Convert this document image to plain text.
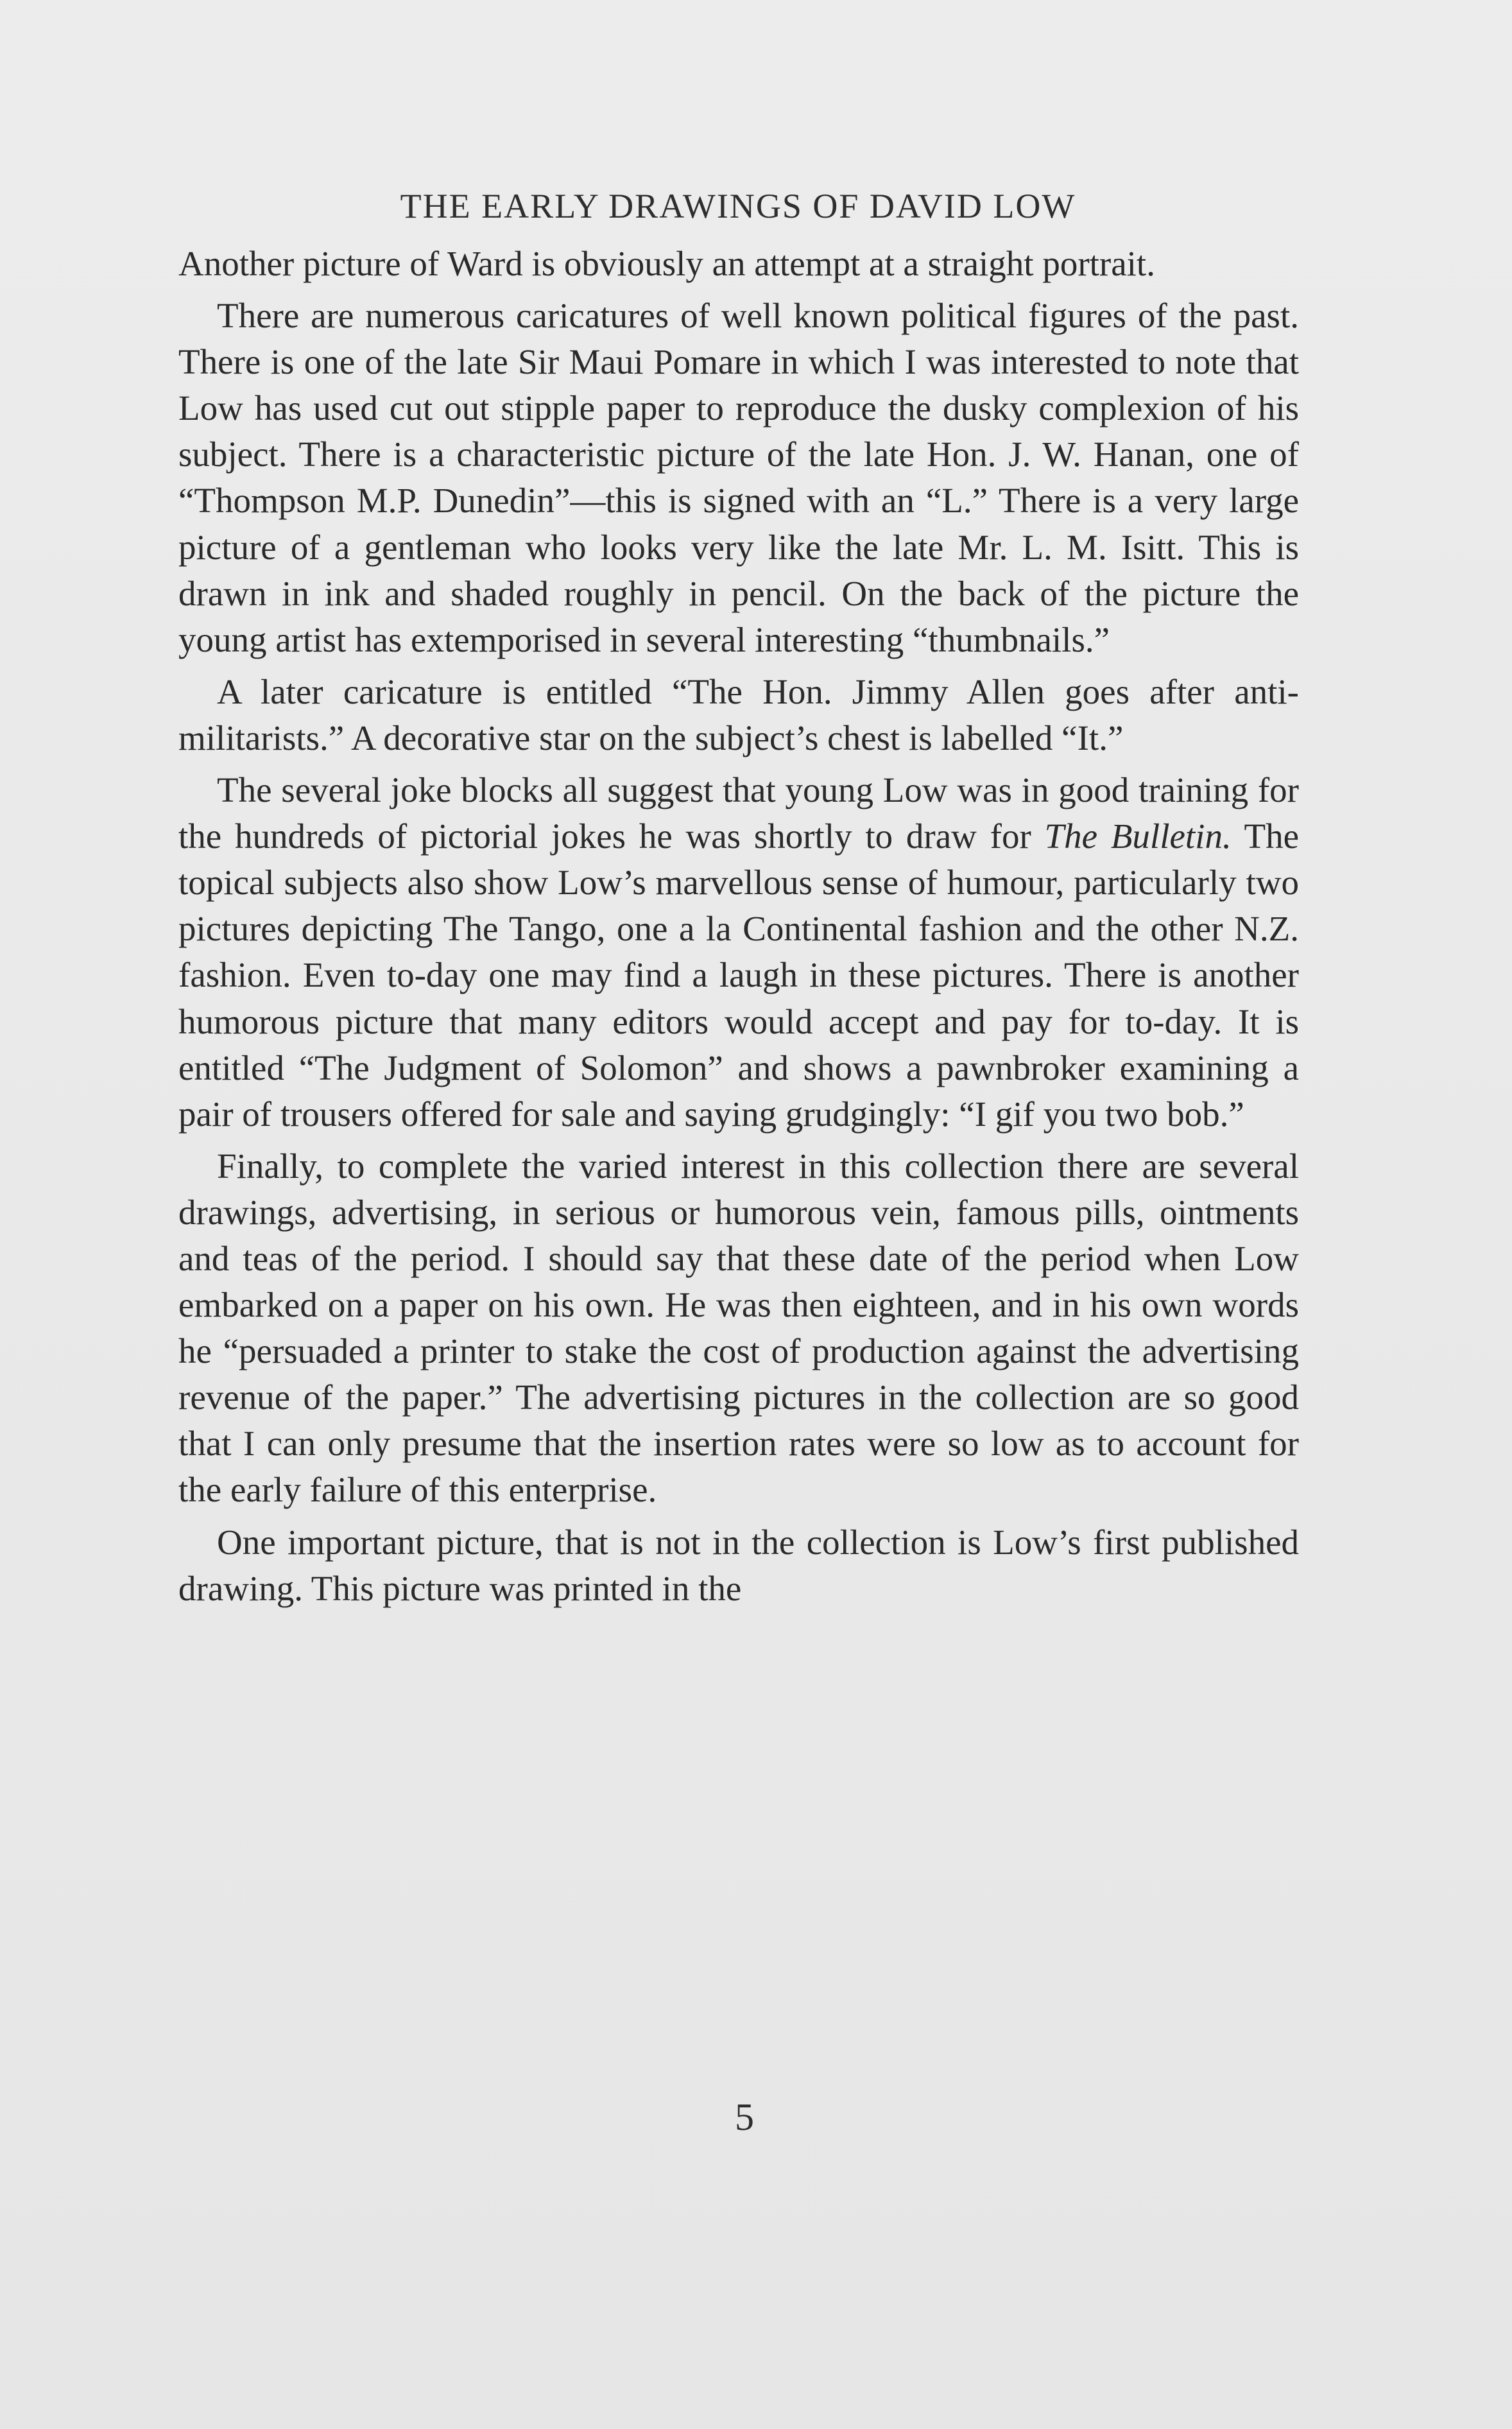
THE EARLY DRAWINGS OF DAVID LOW

Another picture of Ward is obviously an attempt at a straight portrait.

There are numerous caricatures of well known political figures of the past. There is one of the late Sir Maui Pomare in which I was interested to note that Low has used cut out stipple paper to reproduce the dusky complexion of his subject. There is a characteristic picture of the late Hon. J. W. Hanan, one of “Thompson M.P. Dunedin”—this is signed with an “L.” There is a very large picture of a gentleman who looks very like the late Mr. L. M. Isitt. This is drawn in ink and shaded roughly in pencil. On the back of the picture the young artist has extemporised in several interesting “thumbnails.”

A later caricature is entitled “The Hon. Jimmy Allen goes after anti-militarists.” A decorative star on the subject’s chest is labelled “It.”

The several joke blocks all suggest that young Low was in good training for the hundreds of pictorial jokes he was shortly to draw for The Bulletin. The topical subjects also show Low’s marvellous sense of humour, particularly two pictures depicting The Tango, one a la Continental fashion and the other N.Z. fashion. Even to-day one may find a laugh in these pictures. There is another humorous picture that many editors would accept and pay for to-day. It is entitled “The Judgment of Solomon” and shows a pawnbroker examining a pair of trousers offered for sale and saying grudgingly: “I gif you two bob.”

Finally, to complete the varied interest in this collection there are several drawings, advertising, in serious or humorous vein, famous pills, ointments and teas of the period. I should say that these date of the period when Low embarked on a paper on his own. He was then eighteen, and in his own words he “persuaded a printer to stake the cost of production against the advertising revenue of the paper.” The advertising pictures in the collection are so good that I can only presume that the insertion rates were so low as to account for the early failure of this enterprise.

One important picture, that is not in the collection is Low’s first published drawing. This picture was printed in the

5
